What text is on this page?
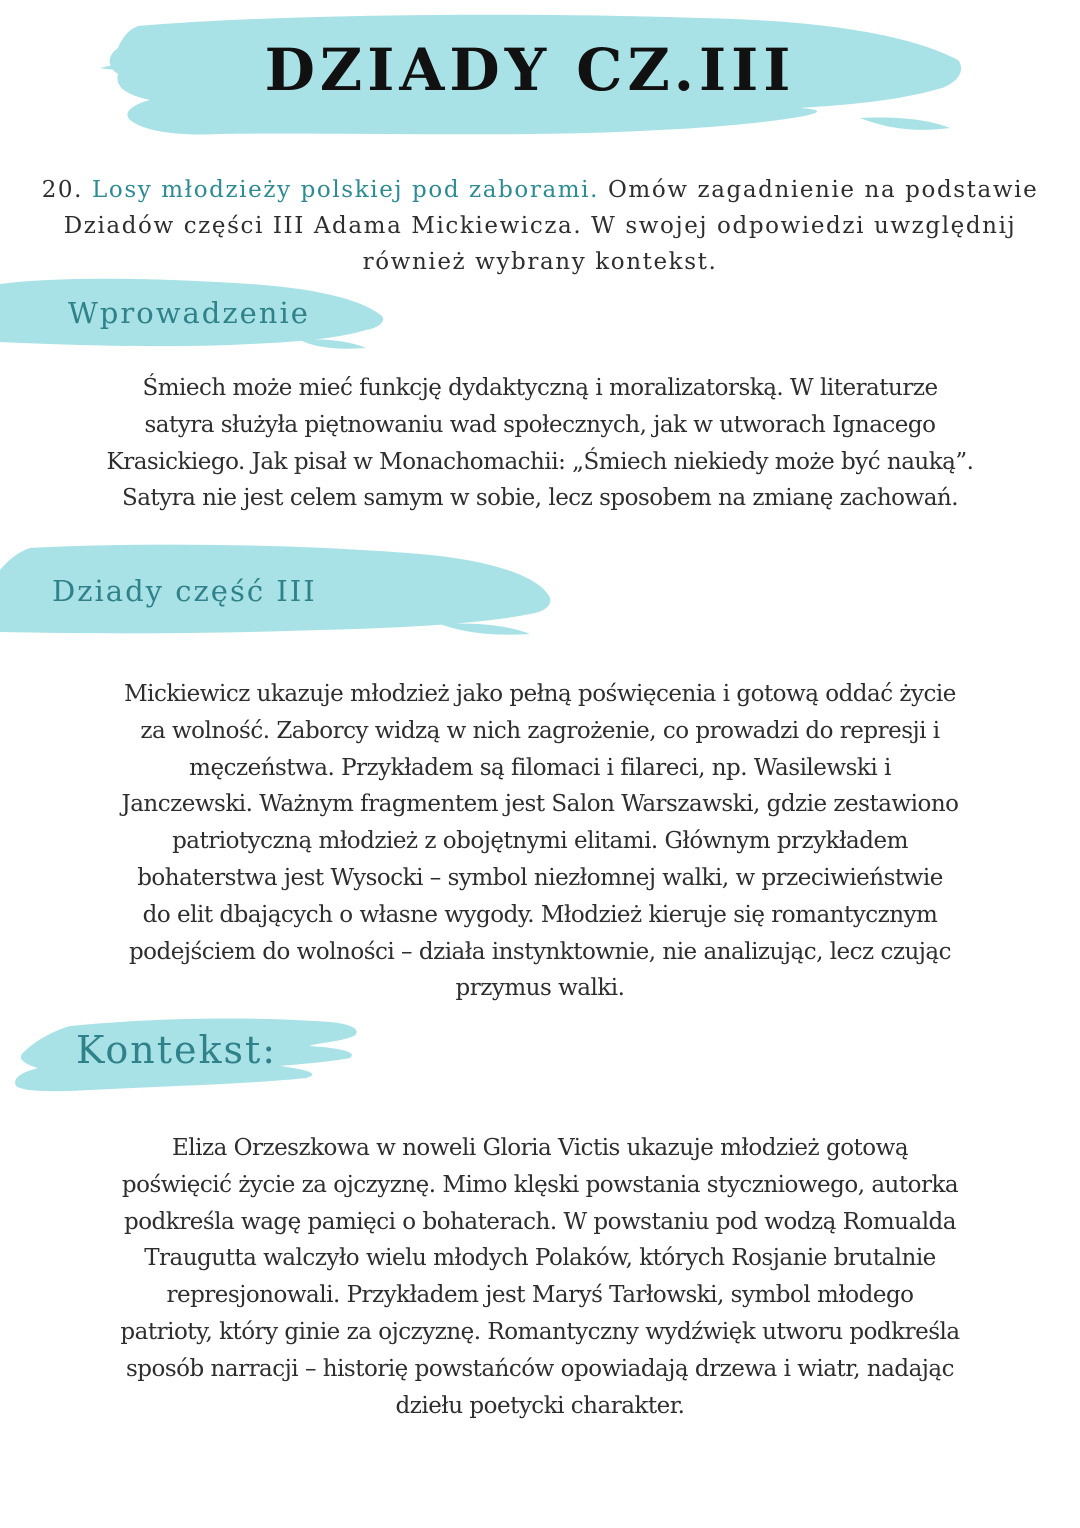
DZIADY CZ.III

20. Losy młodzieży polskiej pod zaborami. Omów zagadnienie na podstawie
Dziadów części III Adama Mickiewicza. W swojej odpowiedzi uwzględnij
również wybrany kontekst.

Wprowadzenie
Śmiech może mieć funkcję dydaktyczną i moralizatorską. W literaturze
satyra służyła piętnowaniu wad społecznych, jak w utworach Ignacego
Krasickiego. Jak pisał w Monachomachii: „Śmiech niekiedy może być nauką”.
Satyra nie jest celem samym w sobie, lecz sposobem na zmianę zachowań.
Dziady część III
Mickiewicz ukazuje młodzież jako pełną poświęcenia i gotową oddać życie
za wolność. Zaborcy widzą w nich zagrożenie, co prowadzi do represji i
męczeństwa. Przykładem są filomaci i filareci, np. Wasilewski i
Janczewski. Ważnym fragmentem jest Salon Warszawski, gdzie zestawiono
patriotyczną młodzież z obojętnymi elitami. Głównym przykładem
bohaterstwa jest Wysocki – symbol niezłomnej walki, w przeciwieństwie
do elit dbających o własne wygody. Młodzież kieruje się romantycznym
podejściem do wolności – działa instynktownie, nie analizując, lecz czując
przymus walki.
Kontekst:
Eliza Orzeszkowa w noweli Gloria Victis ukazuje młodzież gotową
poświęcić życie za ojczyznę. Mimo klęski powstania styczniowego, autorka
podkreśla wagę pamięci o bohaterach. W powstaniu pod wodzą Romualda
Traugutta walczyło wielu młodych Polaków, których Rosjanie brutalnie
represjonowali. Przykładem jest Maryś Tarłowski, symbol młodego
patrioty, który ginie za ojczyznę. Romantyczny wydźwięk utworu podkreśla
sposób narracji – historię powstańców opowiadają drzewa i wiatr, nadając
dziełu poetycki charakter.
